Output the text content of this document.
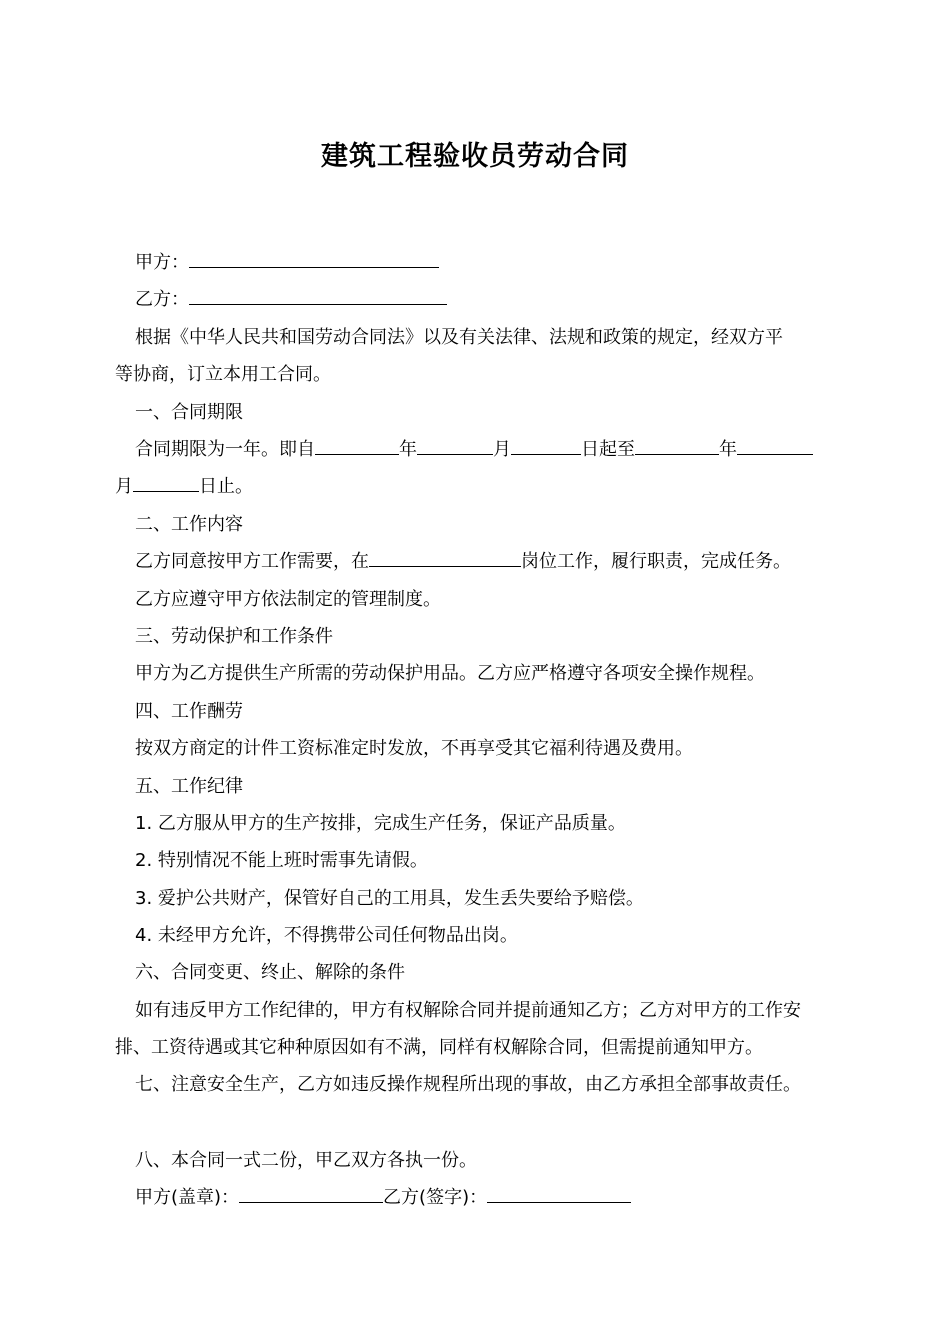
建筑工程验收员劳动合同
甲方：
乙方：
根据《中华人民共和国劳动合同法》以及有关法律、法规和政策的规定，经双方平
等协商，订立本用工合同。
一、合同期限
合同期限为一年。即自	年	月	日起至	年
月	日止。
二、工作内容
乙方同意按甲方工作需要，在	岗位工作，履行职责，完成任务。
乙方应遵守甲方依法制定的管理制度。
三、劳动保护和工作条件
甲方为乙方提供生产所需的劳动保护用品。乙方应严格遵守各项安全操作规程。
四、工作酬劳
按双方商定的计件工资标准定时发放，不再享受其它福利待遇及费用。
五、工作纪律
1. 乙方服从甲方的生产按排，完成生产任务，保证产品质量。
2. 特别情况不能上班时需事先请假。
3. 爱护公共财产，保管好自己的工用具，发生丢失要给予赔偿。
4. 未经甲方允许，不得携带公司任何物品出岗。
六、合同变更、终止、解除的条件
如有违反甲方工作纪律的，甲方有权解除合同并提前通知乙方；乙方对甲方的工作安
排、工资待遇或其它种种原因如有不满，同样有权解除合同，但需提前通知甲方。
七、注意安全生产，乙方如违反操作规程所出现的事故，由乙方承担全部事故责任。
八、本合同一式二份，甲乙双方各执一份。
甲方(盖章)：	乙方(签字)：
